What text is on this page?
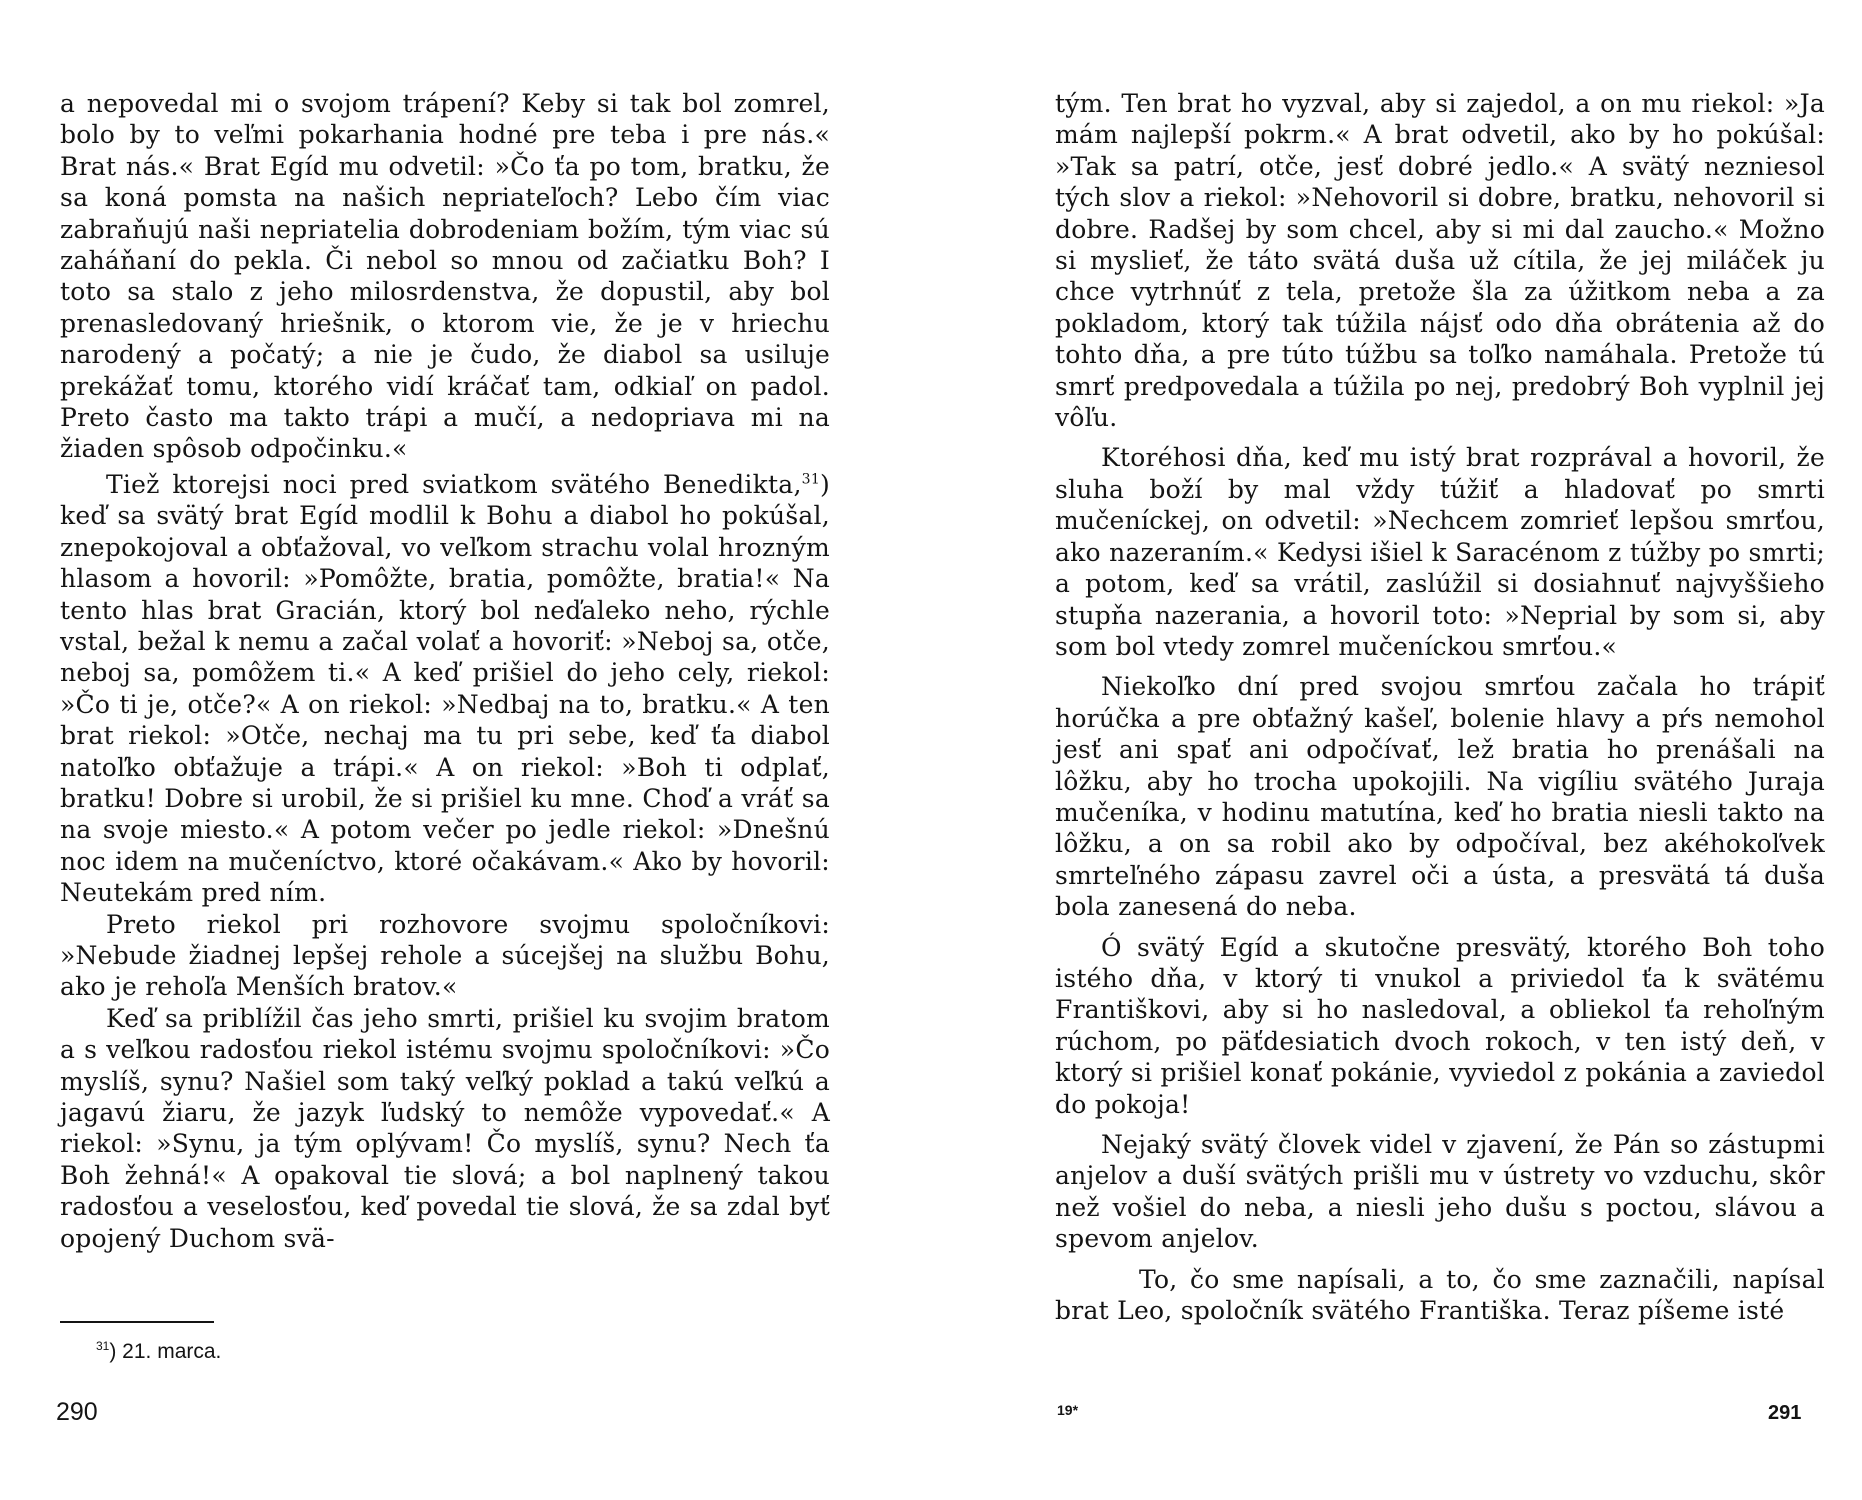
a nepovedal mi o svojom trápení? Keby si tak bol zomrel, bolo by to veľmi pokarhania hodné pre teba i pre nás.« Brat nás.« Brat Egíd mu odvetil: »Čo ťa po tom, bratku, že sa koná pomsta na našich nepriateľoch? Lebo čím viac zabraňujú naši nepriatelia dobrodeniam božím, tým viac sú zaháňaní do pekla. Či nebol so mnou od začiatku Boh? I toto sa stalo z jeho milosrdenstva, že dopustil, aby bol prenasledovaný hriešnik, o ktorom vie, že je v hriechu narodený a počatý; a nie je čudo, že diabol sa usiluje prekážať tomu, ktorého vidí kráčať tam, odkiaľ on padol. Preto často ma takto trápi a mučí, a nedopriava mi na žiaden spôsob odpočinku.«

Tiež ktorejsi noci pred sviatkom svätého Benedikta,$^{31}$) keď sa svätý brat Egíd modlil k Bohu a diabol ho pokúšal, znepokojoval a obťažoval, vo veľkom strachu volal hrozným hlasom a hovoril: »Pomôžte, bratia, pomôžte, bratia!« Na tento hlas brat Gracián, ktorý bol neďaleko neho, rýchle vstal, bežal k nemu a začal volať a hovoriť: »Neboj sa, otče, neboj sa, pomôžem ti.« A keď prišiel do jeho cely, riekol: »Čo ti je, otče?« A on riekol: »Nedbaj na to, bratku.« A ten brat riekol: »Otče, nechaj ma tu pri sebe, keď ťa diabol natoľko obťažuje a trápi.« A on riekol: »Boh ti odplať, bratku! Dobre si urobil, že si prišiel ku mne. Choď a vráť sa na svoje miesto.« A potom večer po jedle riekol: »Dnešnú noc idem na mučeníctvo, ktoré očakávam.« Ako by hovoril: Neutekám pred ním.

Preto riekol pri rozhovore svojmu spoločníkovi: »Nebude žiadnej lepšej rehole a súcejšej na službu Bohu, ako je rehoľa Menších bratov.«

Keď sa priblížil čas jeho smrti, prišiel ku svojim bratom a s veľkou radosťou riekol istému svojmu spoločníkovi: »Čo myslíš, synu? Našiel som taký veľký poklad a takú veľkú a jagavú žiaru, že jazyk ľudský to nemôže vypovedať.« A riekol: »Synu, ja tým oplývam! Čo myslíš, synu? Nech ťa Boh žehná!« A opakoval tie slová; a bol naplnený takou radosťou a veselosťou, keď povedal tie slová, že sa zdal byť opojený Duchom svä-

$^{31}$) 21. marca.
290

tým. Ten brat ho vyzval, aby si zajedol, a on mu riekol: »Ja mám najlepší pokrm.« A brat odvetil, ako by ho pokúšal: »Tak sa patrí, otče, jesť dobré jedlo.« A svätý nezniesol tých slov a riekol: »Nehovoril si dobre, bratku, nehovoril si dobre. Radšej by som chcel, aby si mi dal zaucho.« Možno si myslieť, že táto svätá duša už cítila, že jej miláček ju chce vytrhnúť z tela, pretože šla za úžitkom neba a za pokladom, ktorý tak túžila nájsť odo dňa obrátenia až do tohto dňa, a pre túto túžbu sa toľko namáhala. Pretože tú smrť predpovedala a túžila po nej, predobrý Boh vyplnil jej vôľu.

Ktoréhosi dňa, keď mu istý brat rozprával a hovoril, že sluha boží by mal vždy túžiť a hladovať po smrti mučeníckej, on odvetil: »Nechcem zomrieť lepšou smrťou, ako nazeraním.« Kedysi išiel k Saracénom z túžby po smrti; a potom, keď sa vrátil, zaslúžil si dosiahnuť najvyššieho stupňa nazerania, a hovoril toto: »Neprial by som si, aby som bol vtedy zomrel mučeníckou smrťou.«

Niekoľko dní pred svojou smrťou začala ho trápiť horúčka a pre obťažný kašeľ, bolenie hlavy a pŕs nemohol jesť ani spať ani odpočívať, lež bratia ho prenášali na lôžku, aby ho trocha upokojili. Na vigíliu svätého Juraja mučeníka, v hodinu matutína, keď ho bratia niesli takto na lôžku, a on sa robil ako by odpočíval, bez akéhokoľvek smrteľného zápasu zavrel oči a ústa, a presvätá tá duša bola zanesená do neba.

Ó svätý Egíd a skutočne presvätý, ktorého Boh toho istého dňa, v ktorý ti vnukol a priviedol ťa k svätému Františkovi, aby si ho nasledoval, a obliekol ťa rehoľným rúchom, po päťdesiatich dvoch rokoch, v ten istý deň, v ktorý si prišiel konať pokánie, vyviedol z pokánia a zaviedol do pokoja!

Nejaký svätý človek videl v zjavení, že Pán so zástupmi anjelov a duší svätých prišli mu v ústrety vo vzduchu, skôr než vošiel do neba, a niesli jeho dušu s poctou, slávou a spevom anjelov.

To, čo sme napísali, a to, čo sme zaznačili, napísal brat Leo, spoločník svätého Františka. Teraz píšeme isté

19*	291
